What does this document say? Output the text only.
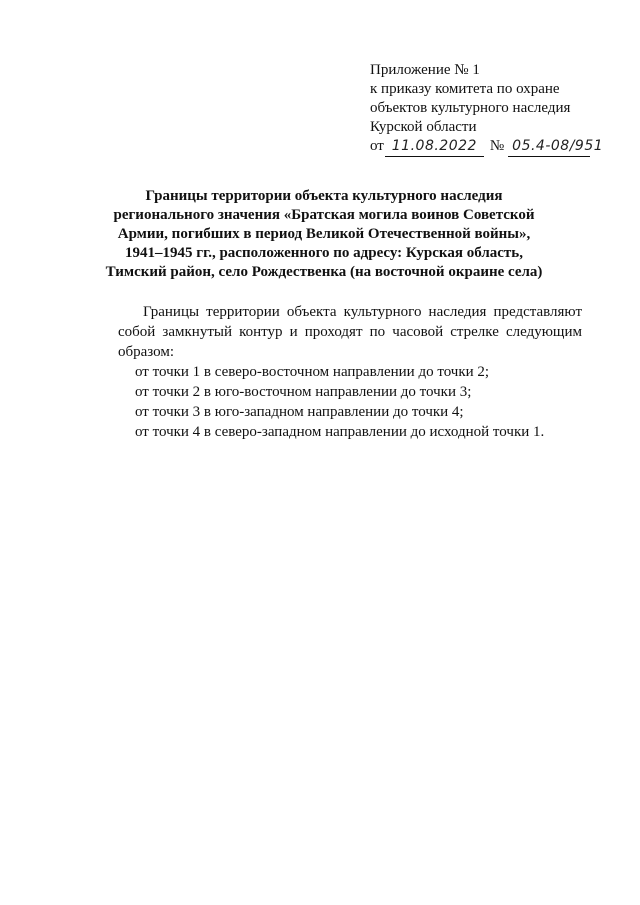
Приложение № 1
к приказу комитета по охране
объектов культурного наследия
Курской области
от 11.08.2022 № 05.4-08/951
Границы территории объекта культурного наследия
регионального значения «Братская могила воинов Советской
Армии, погибших в период Великой Отечественной войны»,
1941–1945 гг., расположенного по адресу: Курская область,
Тимский район, село Рождественка (на восточной окраине села)

Границы территории объекта культурного наследия представляют собой замкнутый контур и проходят по часовой стрелке следующим образом:

от точки 1 в северо-восточном направлении до точки 2;

от точки 2 в юго-восточном направлении до точки 3;

от точки 3 в юго-западном направлении до точки 4;

от точки 4 в северо-западном направлении до исходной точки 1.
